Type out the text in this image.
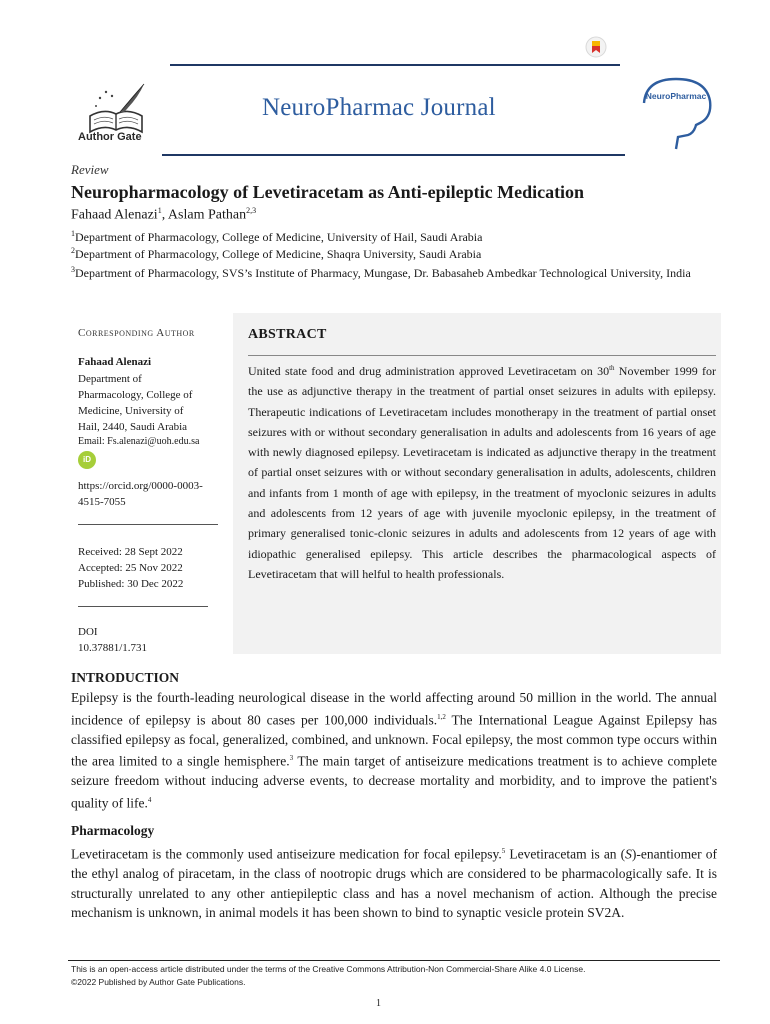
Author Gate
NeuroPharmac Journal	NeuroPharmac
Review
Neuropharmacology of Levetiracetam as Anti-epileptic Medication
Fahaad Alenazi$^1$, Aslam Pathan$^{2,3}$
$^1$Department of Pharmacology, College of Medicine, University of Hail, Saudi Arabia
$^2$Department of Pharmacology, College of Medicine, Shaqra University, Saudi Arabia
$^3$Department of Pharmacology, SVS’s Institute of Pharmacy, Mungase, Dr. Babasaheb Ambedkar Technological University, India
Corresponding Author
Fahaad Alenazi
Department of
Pharmacology, College of
Medicine, University of
Hail, 2440, Saudi Arabia
Email: Fs.alenazi@uoh.edu.sa
iD
https://orcid.org/0000-0003-
4515-7055
Received: 28 Sept 2022
Accepted: 25 Nov 2022
Published: 30 Dec 2022
DOI
10.37881/1.731
ABSTRACT
United state food and drug administration approved Levetiracetam on 30th November 1999 for the use as adjunctive therapy in the treatment of partial onset seizures in adults with epilepsy. Therapeutic indications of Levetiracetam includes monotherapy in the treatment of partial onset seizures with or without secondary generalisation in adults and adolescents from 16 years of age with newly diagnosed epilepsy. Levetiracetam is indicated as adjunctive therapy in the treatment of partial onset seizures with or without secondary generalisation in adults, adolescents, children and infants from 1 month of age with epilepsy, in the treatment of myoclonic seizures in adults and adolescents from 12 years of age with juvenile myoclonic epilepsy, in the treatment of primary generalised tonic-clonic seizures in adults and adolescents from 12 years of age with idiopathic generalised epilepsy. This article describes the pharmacological aspects of Levetiracetam that will helful to health professionals.
INTRODUCTION
Epilepsy is the fourth-leading neurological disease in the world affecting around 50 million in the world. The annual incidence of epilepsy is about 80 cases per 100,000 individuals.$^{1,2}$ The International League Against Epilepsy has classified epilepsy as focal, generalized, combined, and unknown. Focal epilepsy, the most common type occurs within the area limited to a single hemisphere.$^3$ The main target of antiseizure medications treatment is to achieve complete seizure freedom without inducing adverse events, to decrease mortality and morbidity, and to improve the patient's quality of life.$^4$
Pharmacology
Levetiracetam is the commonly used antiseizure medication for focal epilepsy.$^5$ Levetiracetam is an (S)-enantiomer of the ethyl analog of piracetam, in the class of nootropic drugs which are considered to be pharmacologically safe. It is structurally unrelated to any other antiepileptic class and has a novel mechanism of action. Although the precise mechanism is unknown, in animal models it has been shown to bind to synaptic vesicle protein SV2A.
This is an open-access article distributed under the terms of the Creative Commons Attribution-Non Commercial-Share Alike 4.0 License.
©2022 Published by Author Gate Publications.
1
